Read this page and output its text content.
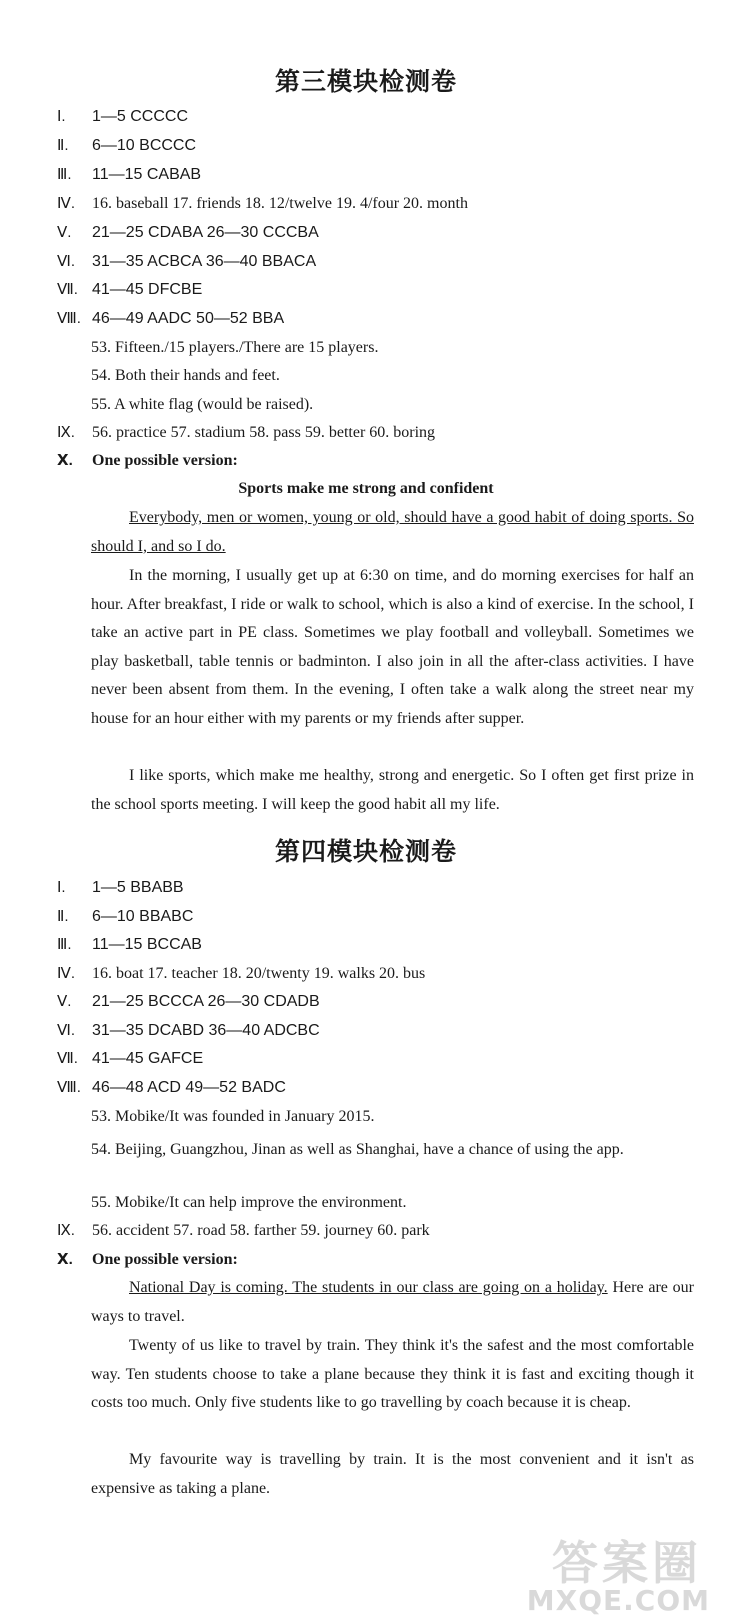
第三模块检测卷
Ⅰ. 1—5 CCCCC
Ⅱ. 6—10 BCCCC
Ⅲ. 11—15 CABAB
Ⅳ. 16. baseball 17. friends 18. 12/twelve 19. 4/four 20. month
Ⅴ. 21—25 CDABA 26—30 CCCBA
Ⅵ. 31—35 ACBCA 36—40 BBACA
Ⅶ. 41—45 DFCBE
Ⅷ. 46—49 AADC 50—52 BBA
53. Fifteen./15 players./There are 15 players.
54. Both their hands and feet.
55. A white flag (would be raised).
Ⅸ. 56. practice 57. stadium 58. pass 59. better 60. boring
Ⅹ. One possible version:
Sports make me strong and confident
Everybody, men or women, young or old, should have a good habit of doing sports. So should I, and so I do.
In the morning, I usually get up at 6:30 on time, and do morning exercises for half an hour. After breakfast, I ride or walk to school, which is also a kind of exercise. In the school, I take an active part in PE class. Sometimes we play football and volleyball. Sometimes we play basketball, table tennis or badminton. I also join in all the after-class activities. I have never been absent from them. In the evening, I often take a walk along the street near my house for an hour either with my parents or my friends after supper.
I like sports, which make me healthy, strong and energetic. So I often get first prize in the school sports meeting. I will keep the good habit all my life.
第四模块检测卷
Ⅰ. 1—5 BBABB
Ⅱ. 6—10 BBABC
Ⅲ. 11—15 BCCAB
Ⅳ. 16. boat 17. teacher 18. 20/twenty 19. walks 20. bus
Ⅴ. 21—25 BCCCA 26—30 CDADB
Ⅵ. 31—35 DCABD 36—40 ADCBC
Ⅶ. 41—45 GAFCE
Ⅷ. 46—48 ACD 49—52 BADC
53. Mobike/It was founded in January 2015.
54. Beijing, Guangzhou, Jinan as well as Shanghai, have a chance of using the app.
55. Mobike/It can help improve the environment.
Ⅸ. 56. accident 57. road 58. farther 59. journey 60. park
Ⅹ. One possible version:
National Day is coming. The students in our class are going on a holiday. Here are our ways to travel.
Twenty of us like to travel by train. They think it's the safest and the most comfortable way. Ten students choose to take a plane because they think it is fast and exciting though it costs too much. Only five students like to go travelling by coach because it is cheap.
My favourite way is travelling by train. It is the most convenient and it isn't as expensive as taking a plane.
答案圈
MXQE.COM
